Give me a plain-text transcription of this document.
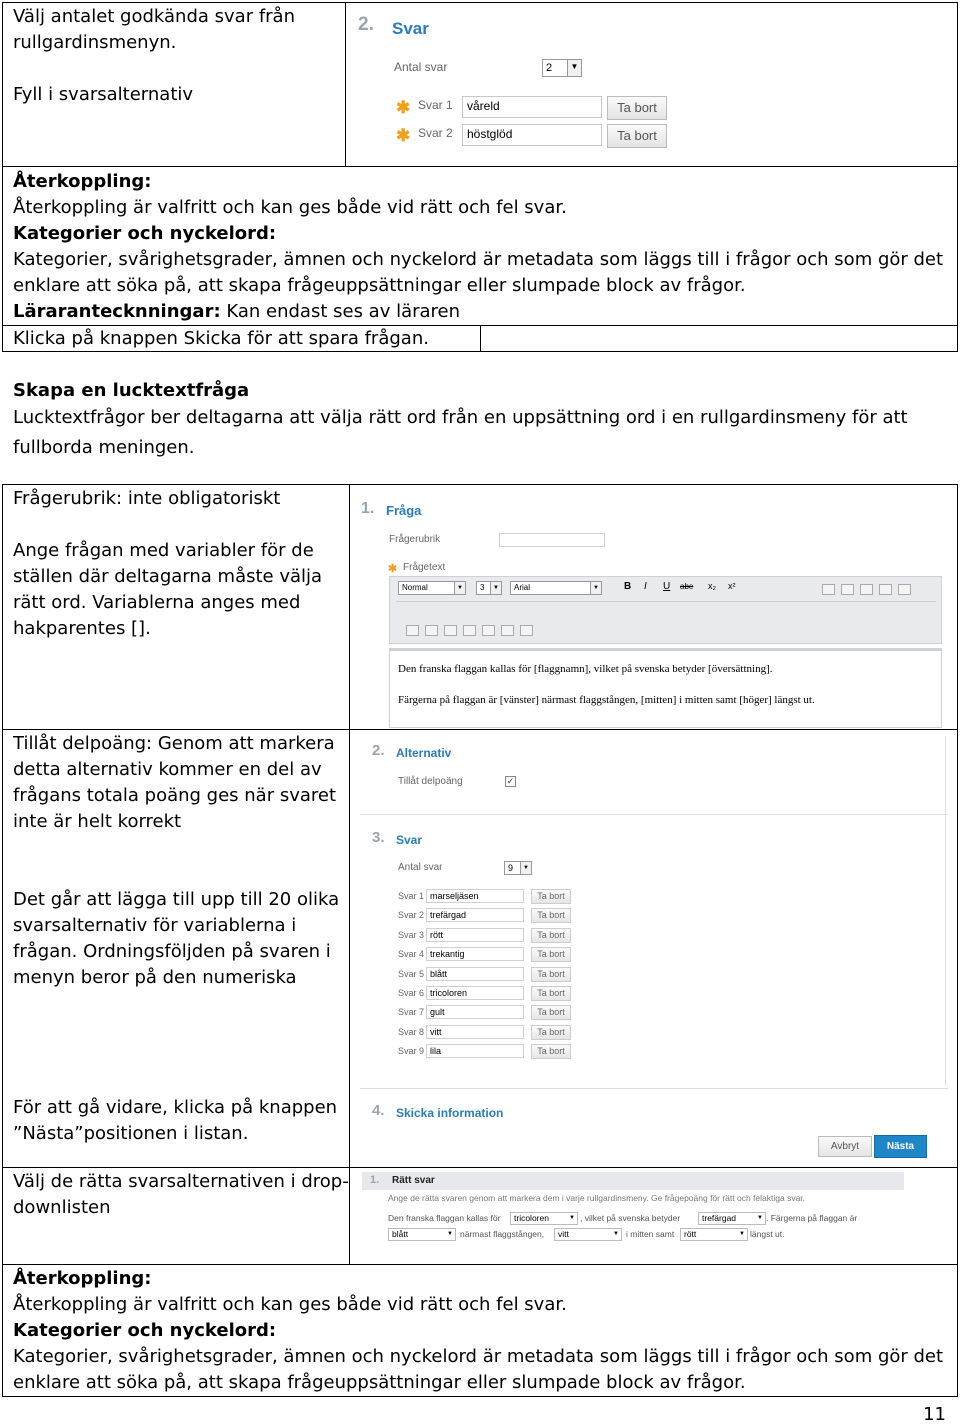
Välj antalet godkända svar från
rullgardinsmenyn.
Fyll i svarsalternativ
2. Svar
Antal svar	2	▼
✱ Svar 1	våreld	Ta bort
✱ Svar 2	höstglöd	Ta bort
Återkoppling:
Återkoppling är valfritt och kan ges både vid rätt och fel svar.
Kategorier och nyckelord:
Kategorier, svårighetsgrader, ämnen och nyckelord är metadata som läggs till i frågor och som gör det
enklare att söka på, att skapa frågeuppsättningar eller slumpade block av frågor.
Lärarantecknningar: Kan endast ses av läraren
Klicka på knappen Skicka för att spara frågan.
Skapa en lucktextfråga
Lucktextfrågor ber deltagarna att välja rätt ord från en uppsättning ord i en rullgardinsmeny för att
fullborda meningen.
Frågerubrik: inte obligatoriskt
Ange frågan med variabler för de
ställen där deltagarna måste välja
rätt ord. Variablerna anges med
hakparentes [].
1. Fråga
Frågerubrik
✱ Frågetext
Normal	▼	3	▼	Arial	▼	B I U abe x₂ x²
Den franska flaggan kallas för [flaggnamn], vilket på svenska betyder [översättning].
Färgerna på flaggan är [vänster] närmast flaggstången, [mitten] i mitten samt [höger] längst ut.
Tillåt delpoäng: Genom att markera
detta alternativ kommer en del av
frågans totala poäng ges när svaret
inte är helt korrekt
Det går att lägga till upp till 20 olika
svarsalternativ för variablerna i
frågan. Ordningsföljden på svaren i
menyn beror på den numeriska
2. Alternativ
Tillåt delpoäng	✓
3. Svar
Antal svar	9	▼
Svar 1 marseljäsen	Ta bort
Svar 2 trefärgad	Ta bort
Svar 3 rött	Ta bort
Svar 4 trekantig	Ta bort
Svar 5 blått	Ta bort
Svar 6 tricoloren	Ta bort
Svar 7 gult	Ta bort
Svar 8 vitt	Ta bort
Svar 9 lila	Ta bort
För att gå vidare, klicka på knappen
”Nästa”positionen i listan.
4. Skicka information
Avbryt	Nästa
Välj de rätta svarsalternativen i drop-
downlisten
1. Rätt svar
Ange de rätta svaren genom att markera dem i varje rullgardinsmeny. Ge frågepoäng för rätt och felaktiga svar.
Den franska flaggan kallas för	tricoloren	▼ , vilket på svenska betyder	trefärgad	▼ . Färgerna på flaggan är
blått	▼ närmast flaggstången,	vitt	▼ i mitten samt	rött	▼ längst ut.
Återkoppling:
Återkoppling är valfritt och kan ges både vid rätt och fel svar.
Kategorier och nyckelord:
Kategorier, svårighetsgrader, ämnen och nyckelord är metadata som läggs till i frågor och som gör det
enklare att söka på, att skapa frågeuppsättningar eller slumpade block av frågor.
11
